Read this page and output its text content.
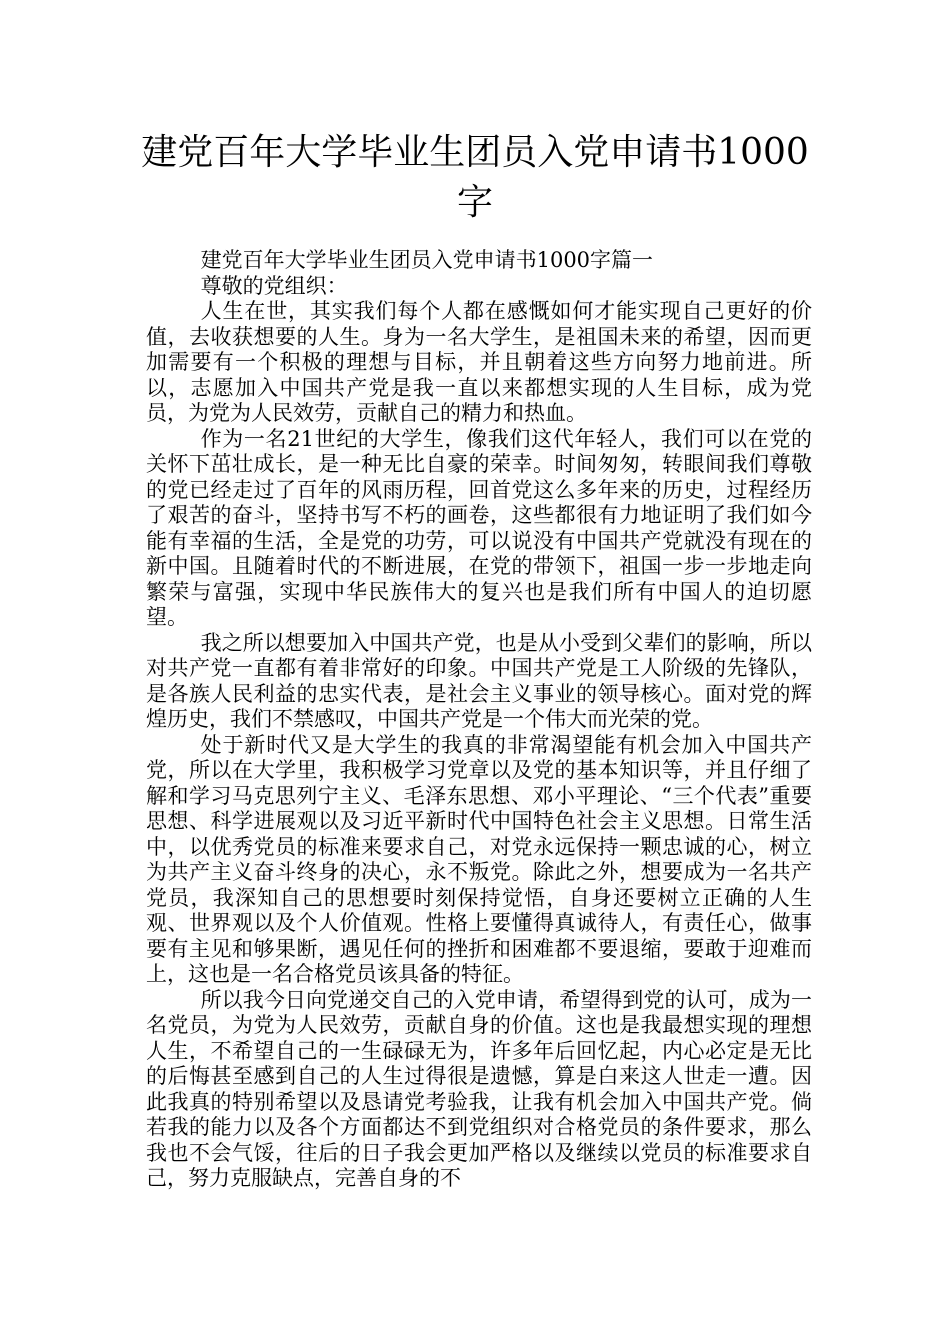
建党百年大学毕业生团员入党申请书1000字

建党百年大学毕业生团员入党申请书1000字篇一

尊敬的党组织：

人生在世，其实我们每个人都在感慨如何才能实现自己更好的价值，去收获想要的人生。身为一名大学生，是祖国未来的希望，因而更加需要有一个积极的理想与目标，并且朝着这些方向努力地前进。所以，志愿加入中国共产党是我一直以来都想实现的人生目标，成为党员，为党为人民效劳，贡献自己的精力和热血。

作为一名21世纪的大学生，像我们这代年轻人，我们可以在党的关怀下茁壮成长，是一种无比自豪的荣幸。时间匆匆，转眼间我们尊敬的党已经走过了百年的风雨历程，回首党这么多年来的历史，过程经历了艰苦的奋斗，坚持书写不朽的画卷，这些都很有力地证明了我们如今能有幸福的生活，全是党的功劳，可以说没有中国共产党就没有现在的新中国。且随着时代的不断进展，在党的带领下，祖国一步一步地走向繁荣与富强，实现中华民族伟大的复兴也是我们所有中国人的迫切愿望。

我之所以想要加入中国共产党，也是从小受到父辈们的影响，所以对共产党一直都有着非常好的印象。中国共产党是工人阶级的先锋队，是各族人民利益的忠实代表，是社会主义事业的领导核心。面对党的辉煌历史，我们不禁感叹，中国共产党是一个伟大而光荣的党。

处于新时代又是大学生的我真的非常渴望能有机会加入中国共产党，所以在大学里，我积极学习党章以及党的基本知识等，并且仔细了解和学习马克思列宁主义、毛泽东思想、邓小平理论、“三个代表”重要思想、科学进展观以及习近平新时代中国特色社会主义思想。日常生活中，以优秀党员的标准来要求自己，对党永远保持一颗忠诚的心，树立为共产主义奋斗终身的决心，永不叛党。除此之外，想要成为一名共产党员，我深知自己的思想要时刻保持觉悟，自身还要树立正确的人生观、世界观以及个人价值观。性格上要懂得真诚待人，有责任心，做事要有主见和够果断，遇见任何的挫折和困难都不要退缩，要敢于迎难而上，这也是一名合格党员该具备的特征。

所以我今日向党递交自己的入党申请，希望得到党的认可，成为一名党员，为党为人民效劳，贡献自身的价值。这也是我最想实现的理想人生，不希望自己的一生碌碌无为，许多年后回忆起，内心必定是无比的后悔甚至感到自己的人生过得很是遗憾，算是白来这人世走一遭。因此我真的特别希望以及恳请党考验我，让我有机会加入中国共产党。倘若我的能力以及各个方面都达不到党组织对合格党员的条件要求，那么我也不会气馁，往后的日子我会更加严格以及继续以党员的标准要求自己，努力克服缺点，完善自身的不
